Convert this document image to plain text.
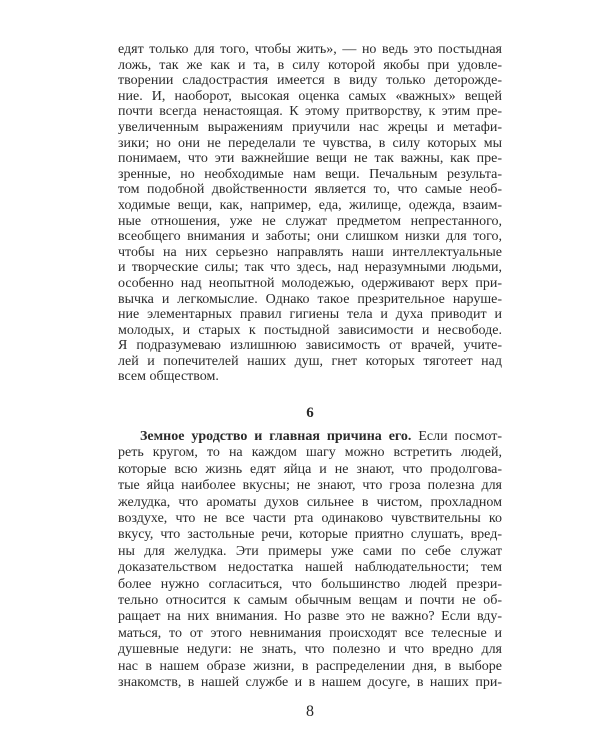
едят только для того, чтобы жить», — но ведь это постыдная
ложь, так же как и та, в силу которой якобы при удовле-
творении сладострастия имеется в виду только деторожде-
ние. И, наоборот, высокая оценка самых «важных» вещей
почти всегда ненастоящая. К этому притворству, к этим пре-
увеличенным выражениям приучили нас жрецы и метафи-
зики; но они не переделали те чувства, в силу которых мы
понимаем, что эти важнейшие вещи не так важны, как пре-
зренные, но необходимые нам вещи. Печальным результа-
том подобной двойственности является то, что самые необ-
ходимые вещи, как, например, еда, жилище, одежда, взаим-
ные отношения, уже не служат предметом непрестанного,
всеобщего внимания и заботы; они слишком низки для того,
чтобы на них серьезно направлять наши интеллектуальные
и творческие силы; так что здесь, над неразумными людьми,
особенно над неопытной молодежью, одерживают верх при-
вычка и легкомыслие. Однако такое презрительное наруше-
ние элементарных правил гигиены тела и духа приводит и
молодых, и старых к постыдной зависимости и несвободе.
Я подразумеваю излишнюю зависимость от врачей, учите-
лей и попечителей наших душ, гнет которых тяготеет над
всем обществом.
6
Земное уродство и главная причина его. Если посмот-
реть кругом, то на каждом шагу можно встретить людей,
которые всю жизнь едят яйца и не знают, что продолгова-
тые яйца наиболее вкусны; не знают, что гроза полезна для
желудка, что ароматы духов сильнее в чистом, прохладном
воздухе, что не все части рта одинаково чувствительны ко
вкусу, что застольные речи, которые приятно слушать, вред-
ны для желудка. Эти примеры уже сами по себе служат
доказательством недостатка нашей наблюдательности; тем
более нужно согласиться, что большинство людей презри-
тельно относится к самым обычным вещам и почти не об-
ращает на них внимания. Но разве это не важно? Если вду-
маться, то от этого невнимания происходят все телесные и
душевные недуги: не знать, что полезно и что вредно для
нас в нашем образе жизни, в распределении дня, в выборе
знакомств, в нашей службе и в нашем досуге, в наших при-
8
